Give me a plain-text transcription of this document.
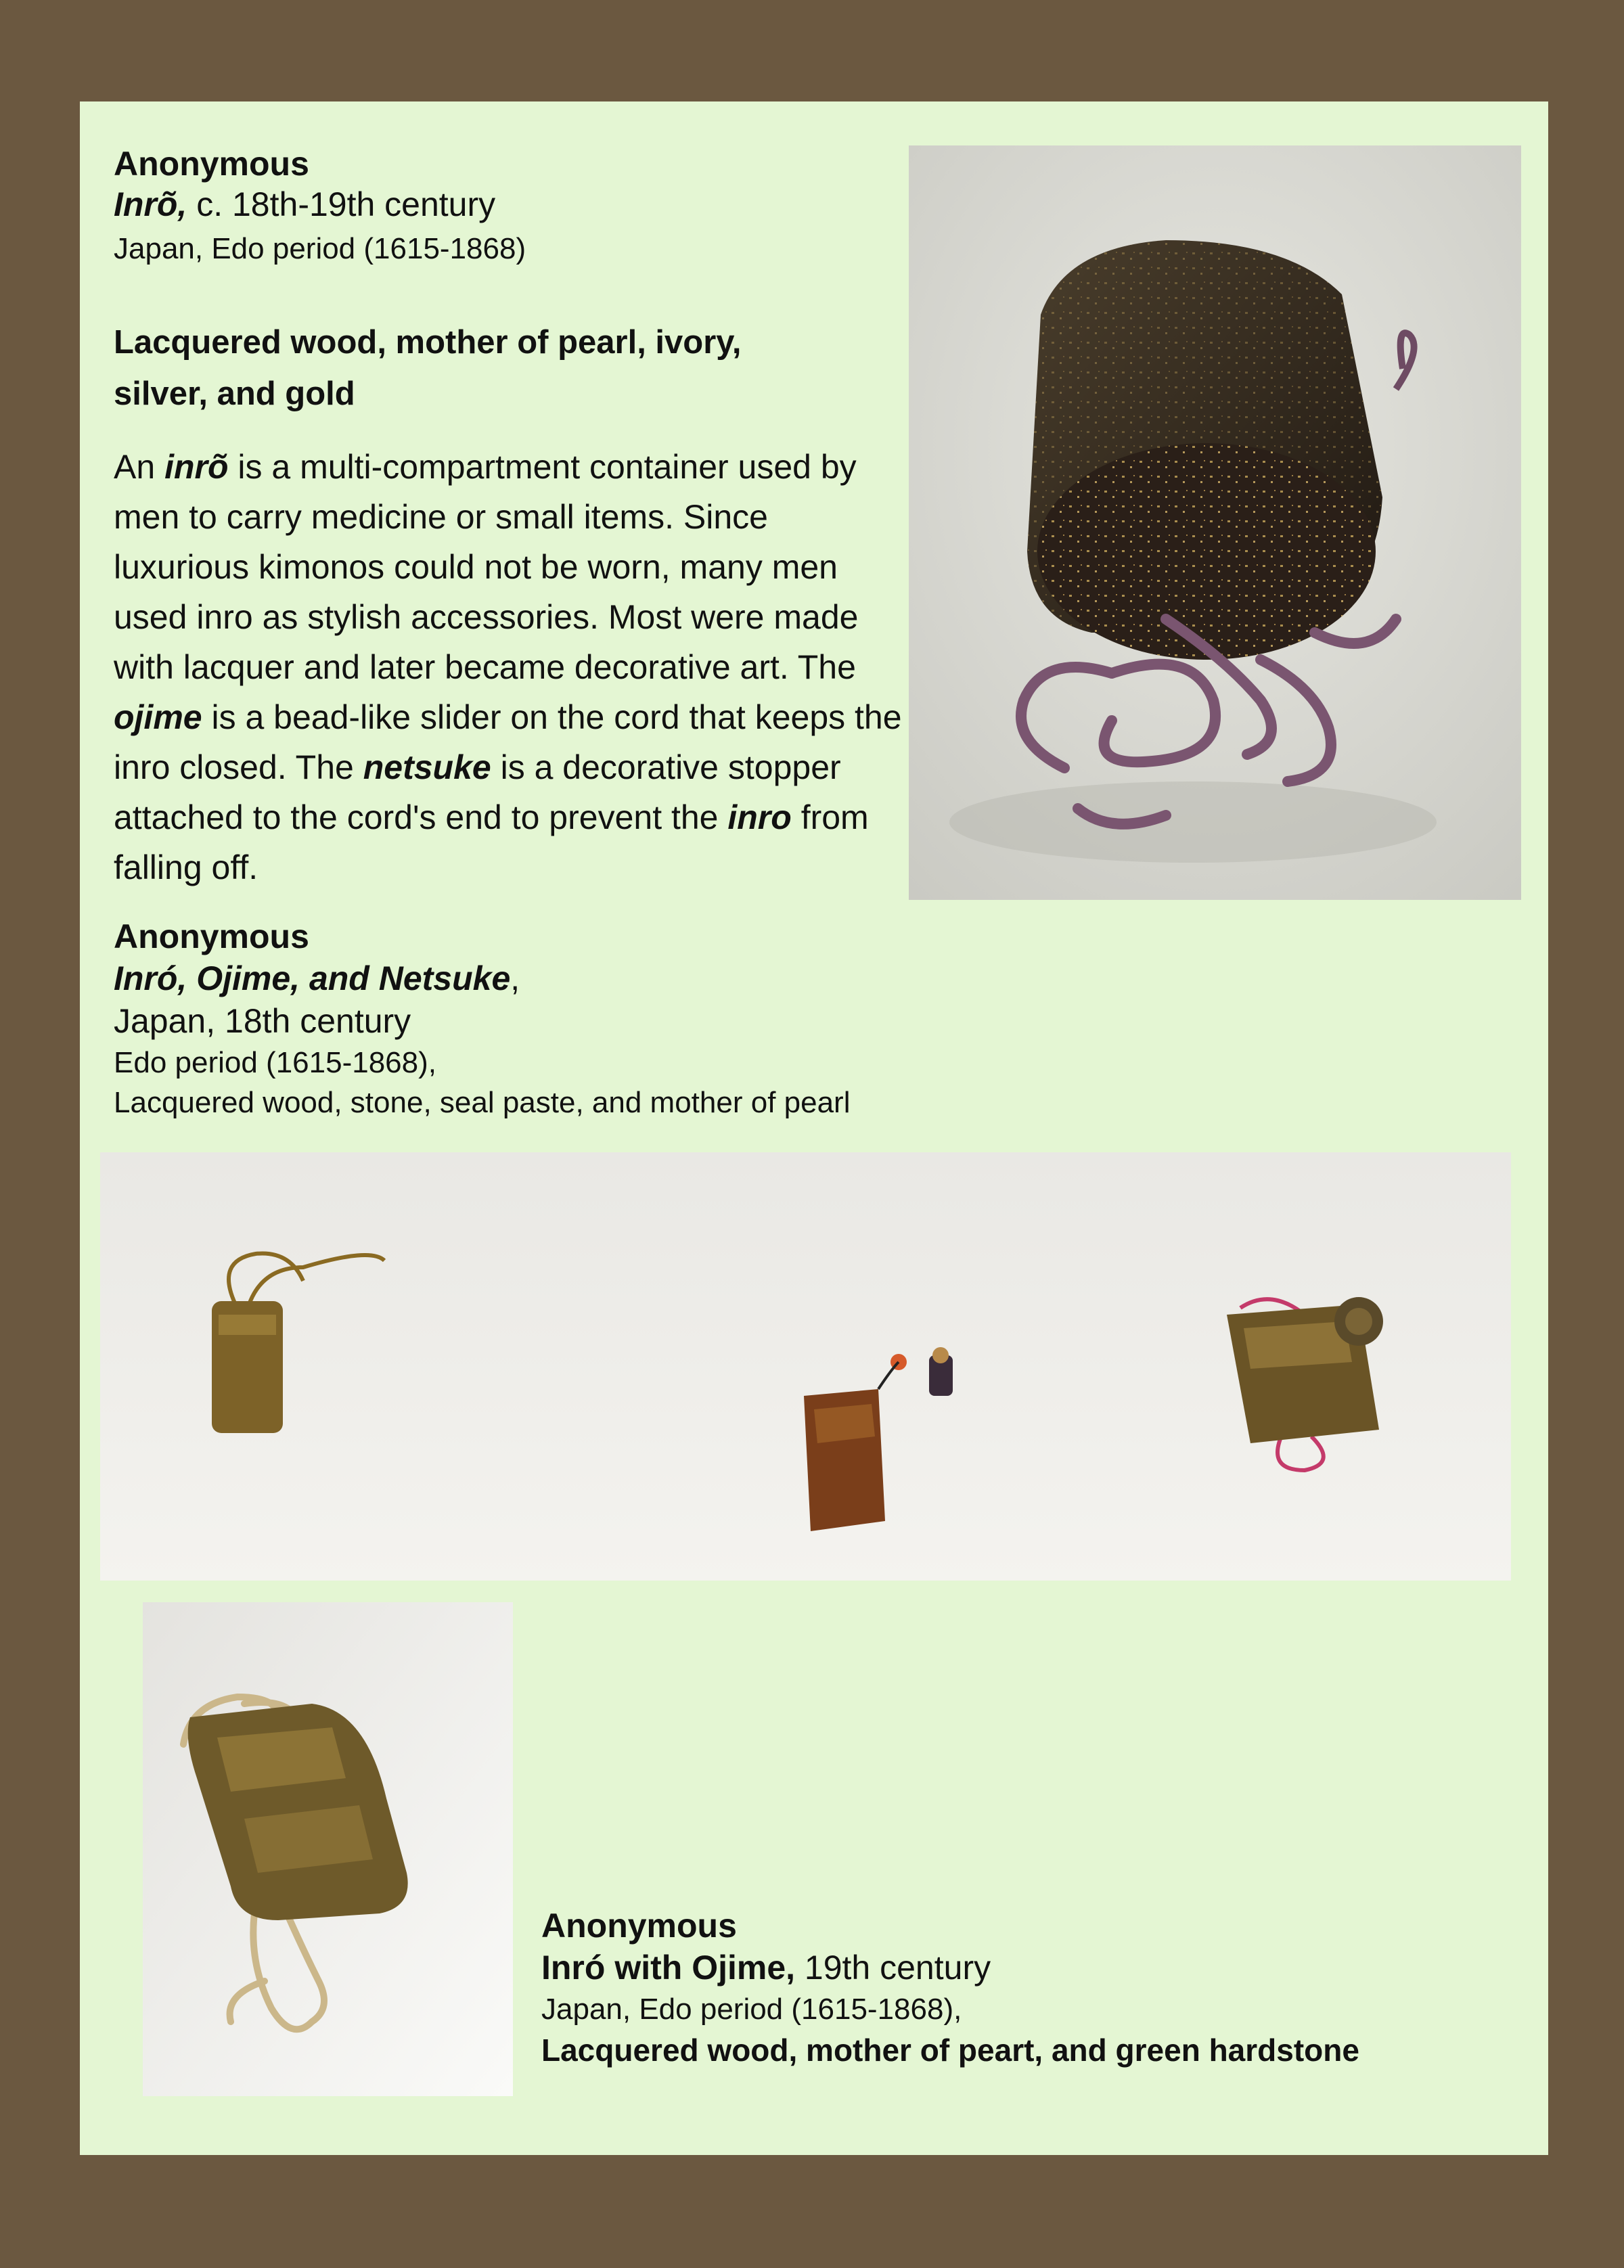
Anonymous

Inrõ, c. 18th-19th century

Japan, Edo period (1615-1868)

Lacquered wood, mother of pearl, ivory,

silver, and gold

An inrõ is a multi-compartment container used by men to carry medicine or small items. Since luxurious kimonos could not be worn, many men used inro as stylish accessories. Most were made with lacquer and later became decorative art. The ojime is a bead-like slider on the cord that keeps the inro closed. The netsuke is a decorative stopper attached to the cord's end to prevent the inro from falling off.

Anonymous

Inró, Ojime, and Netsuke,

Japan, 18th century

Edo period (1615-1868),

Lacquered wood, stone, seal paste, and mother of pearl

Anonymous

Inró with Ojime, 19th century

Japan, Edo period (1615-1868),

Lacquered wood, mother of peart, and green hardstone
